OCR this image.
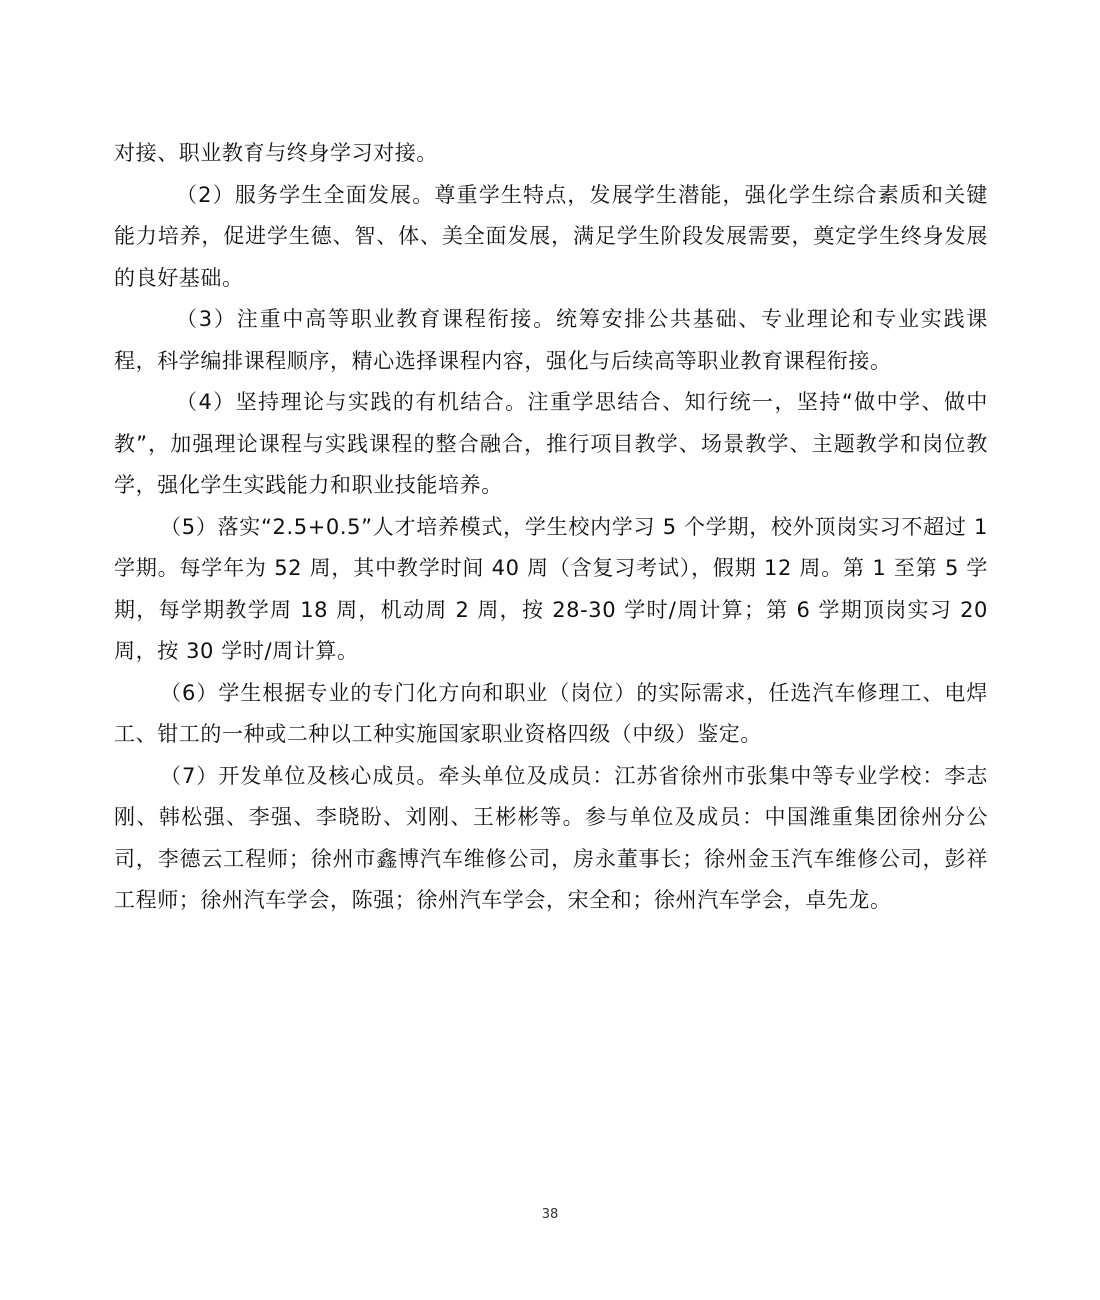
对接、职业教育与终身学习对接。

（2）服务学生全面发展。尊重学生特点，发展学生潜能，强化学生综合素质和关键能力培养，促进学生德、智、体、美全面发展，满足学生阶段发展需要，奠定学生终身发展的良好基础。

（3）注重中高等职业教育课程衔接。统筹安排公共基础、专业理论和专业实践课程，科学编排课程顺序，精心选择课程内容，强化与后续高等职业教育课程衔接。

（4）坚持理论与实践的有机结合。注重学思结合、知行统一，坚持“做中学、做中教”，加强理论课程与实践课程的整合融合，推行项目教学、场景教学、主题教学和岗位教学，强化学生实践能力和职业技能培养。

（5）落实“2.5+0.5”人才培养模式，学生校内学习 5 个学期，校外顶岗实习不超过 1 学期。每学年为 52 周，其中教学时间 40 周（含复习考试），假期 12 周。第 1 至第 5 学期，每学期教学周 18 周，机动周 2 周，按 28-30 学时/周计算；第 6 学期顶岗实习 20 周，按 30 学时/周计算。

（6）学生根据专业的专门化方向和职业（岗位）的实际需求，任选汽车修理工、电焊工、钳工的一种或二种以工种实施国家职业资格四级（中级）鉴定。

（7）开发单位及核心成员。牵头单位及成员：江苏省徐州市张集中等专业学校：李志刚、韩松强、李强、李晓盼、刘刚、王彬彬等。参与单位及成员：中国潍重集团徐州分公司，李德云工程师；徐州市鑫博汽车维修公司，房永董事长；徐州金玉汽车维修公司，彭祥工程师；徐州汽车学会，陈强；徐州汽车学会，宋全和；徐州汽车学会，卓先龙。

38
